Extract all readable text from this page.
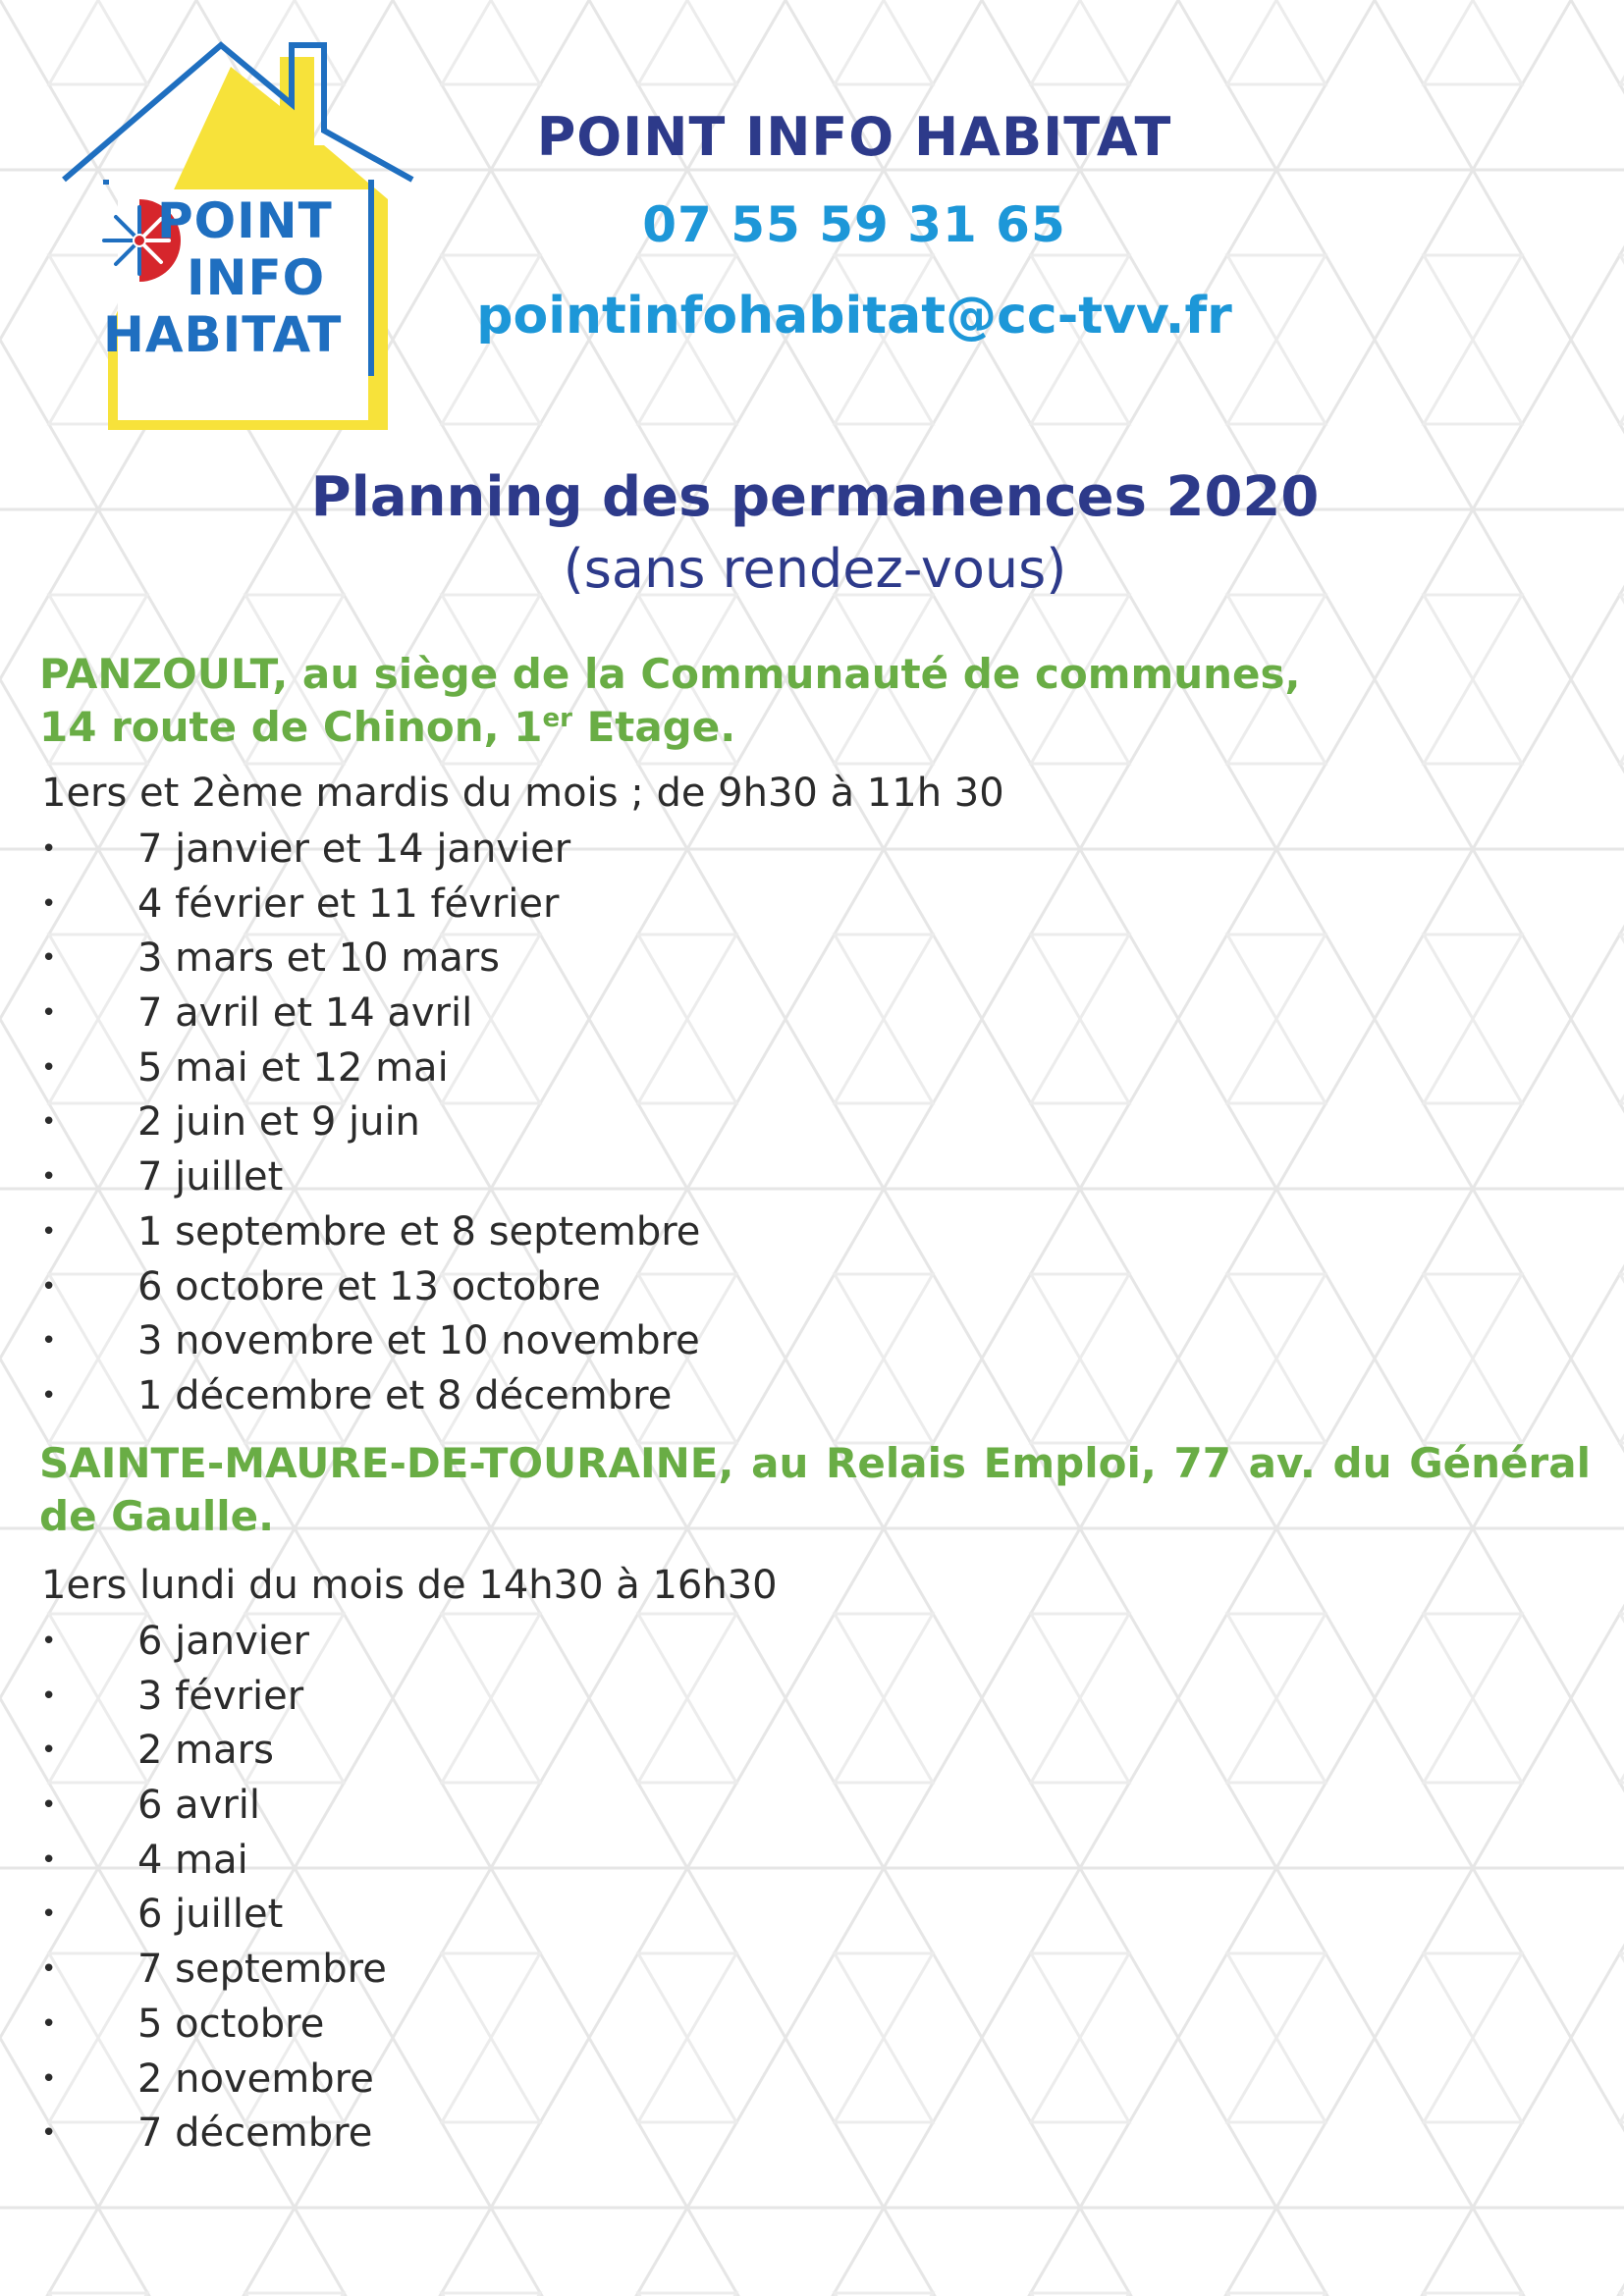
POINT
INFO
HABITAT
POINT INFO HABITAT
07 55 59 31 65
pointinfohabitat@cc-tvv.fr
Planning des permanences 2020
(sans rendez-vous)
PANZOULT, au siège de la Communauté de communes,
14 route de Chinon, 1er Etage.
1ers et 2ème mardis du mois ; de 9h30 à 11h 30
• 7 janvier et 14 janvier
• 4 février et 11 février
• 3 mars et 10 mars
• 7 avril et 14 avril
• 5 mai et 12 mai
• 2 juin et 9 juin
• 7 juillet
• 1 septembre et 8 septembre
• 6 octobre et 13 octobre
• 3 novembre et 10 novembre
• 1 décembre et 8 décembre
SAINTE-MAURE-DE-TOURAINE, au Relais Emploi, 77 av. du Général
de Gaulle.
1ers lundi du mois de 14h30 à 16h30
• 6 janvier
• 3 février
• 2 mars
• 6 avril
• 4 mai
• 6 juillet
• 7 septembre
• 5 octobre
• 2 novembre
• 7 décembre
